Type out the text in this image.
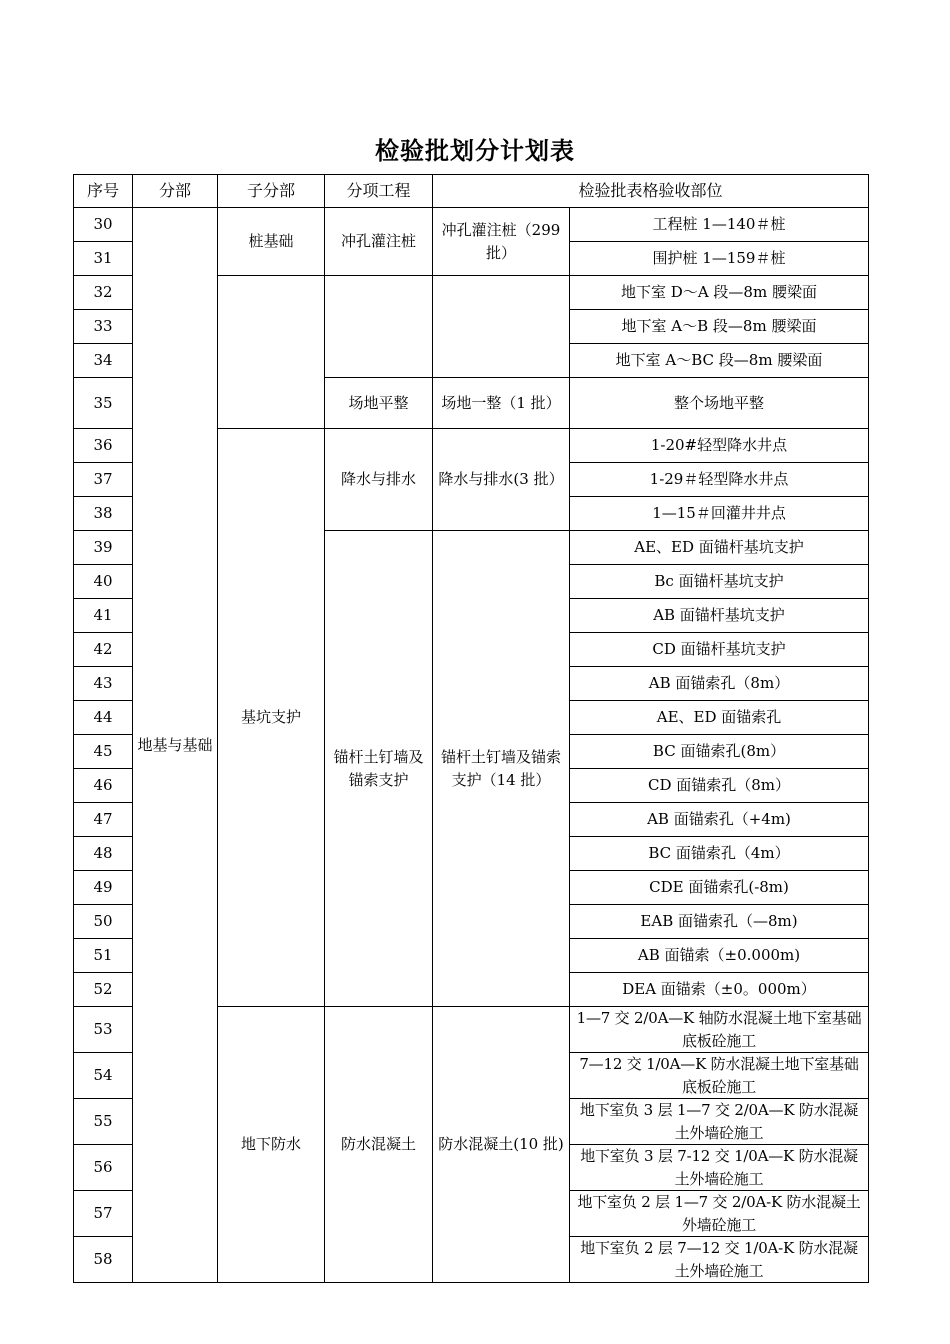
检验批划分计划表
序号	分部	子分部	分项工程	检验批表格验收部位	
30	地基与基础	桩基础	冲孔灌注桩	冲孔灌注桩（299 批）	工程桩 1—140＃桩
31					围护桩 1—159＃桩
32					地下室 D～A 段—8m 腰梁面
33					地下室 A～B 段—8m 腰梁面
34					地下室 A～BC 段—8m 腰梁面
35			场地平整	场地一整（1 批）	整个场地平整
36		基坑支护	降水与排水	降水与排水(3 批）	1-20#轻型降水井点
37					1-29＃轻型降水井点
38					1—15＃回灌井井点
39			锚杆土钉墙及锚索支护	锚杆土钉墙及锚索支护（14 批）	AE、ED 面锚杆基坑支护
40					Bc 面锚杆基坑支护
41					AB 面锚杆基坑支护
42					CD 面锚杆基坑支护
43					AB 面锚索孔（8m）
44					AE、ED 面锚索孔
45					BC 面锚索孔(8m）
46					CD 面锚索孔（8m）
47					AB 面锚索孔（+4m)
48					BC 面锚索孔（4m）
49					CDE 面锚索孔(-8m)
50					EAB 面锚索孔（—8m)
51					AB 面锚索（±0.000m)
52					DEA 面锚索（±0。000m）
53		地下防水	防水混凝土	防水混凝土(10 批)	1—7 交 2/0A—K 轴防水混凝土地下室基础底板砼施工
54					7—12 交 1/0A—K 防水混凝土地下室基础底板砼施工
55					地下室负 3 层 1—7 交 2/0A—K 防水混凝土外墙砼施工
56					地下室负 3 层 7-12 交 1/0A—K 防水混凝土外墙砼施工
57					地下室负 2 层 1—7 交 2/0A-K 防水混凝土外墙砼施工
58					地下室负 2 层 7—12 交 1/0A-K 防水混凝土外墙砼施工
